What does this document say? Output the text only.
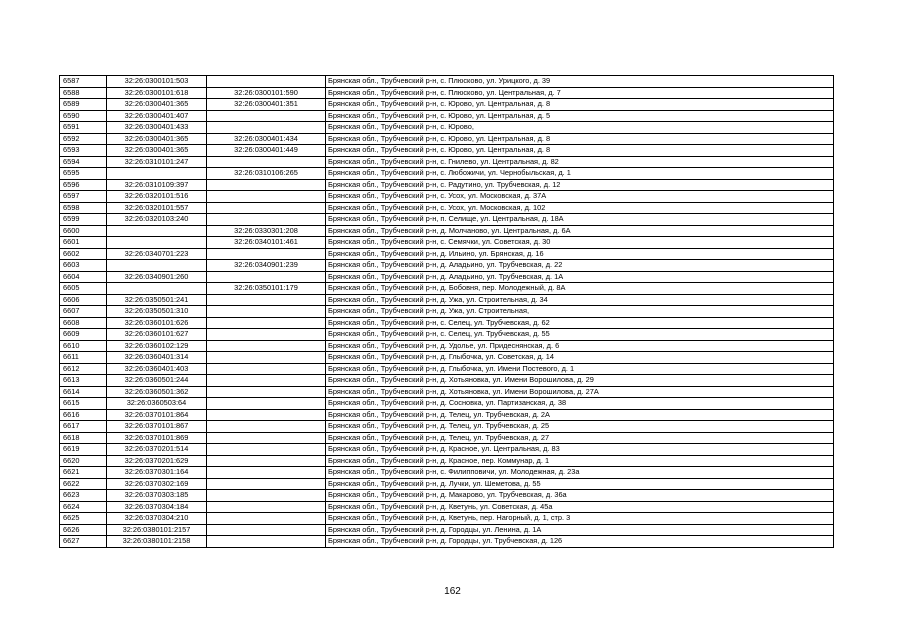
6587	32:26:0300101:503		Брянская обл., Трубчевский р-н, с. Плюсково, ул. Урицкого, д. 39
6588	32:26:0300101:618	32:26:0300101:590	Брянская обл., Трубчевский р-н, с. Плюсково, ул. Центральная, д. 7
6589	32:26:0300401:365	32:26:0300401:351	Брянская обл., Трубчевский р-н, с. Юрово, ул. Центральная, д. 8
6590	32:26:0300401:407		Брянская обл., Трубчевский р-н, с. Юрово, ул. Центральная, д. 5
6591	32:26:0300401:433		Брянская обл., Трубчевский р-н, с. Юрово,
6592	32:26:0300401:365	32:26:0300401:434	Брянская обл., Трубчевский р-н, с. Юрово, ул. Центральная, д. 8
6593	32:26:0300401:365	32:26:0300401:449	Брянская обл., Трубчевский р-н, с. Юрово, ул. Центральная, д. 8
6594	32:26:0310101:247		Брянская обл., Трубчевский р-н, с. Гнилево, ул. Центральная, д. 82
6595		32:26:0310106:265	Брянская обл., Трубчевский р-н, с. Любожичи, ул. Чернобыльская, д. 1
6596	32:26:0310109:397		Брянская обл., Трубчевский р-н, с. Радутино, ул. Трубчевская, д. 12
6597	32:26:0320101:516		Брянская обл., Трубчевский р-н, с. Усох, ул. Московская, д. 37А
6598	32:26:0320101:557		Брянская обл., Трубчевский р-н, с. Усох, ул. Московская, д. 102
6599	32:26:0320103:240		Брянская обл., Трубчевский р-н, п. Селище, ул. Центральная, д. 18А
6600		32:26:0330301:208	Брянская обл., Трубчевский р-н, д. Молчаново, ул. Центральная, д. 6А
6601		32:26:0340101:461	Брянская обл., Трубчевский р-н, с. Семячки, ул. Советская, д. 30
6602	32:26:0340701:223		Брянская обл., Трубчевский р-н, д. Ильино, ул. Брянская, д. 16
6603		32:26:0340901:239	Брянская обл., Трубчевский р-н, д. Аладьино, ул. Трубчевская, д. 22
6604	32:26:0340901:260		Брянская обл., Трубчевский р-н, д. Аладьино, ул. Трубчевская, д. 1А
6605		32:26:0350101:179	Брянская обл., Трубчевский р-н, д. Бобовня, пер. Молодежный, д. 8А
6606	32:26:0350501:241		Брянская обл., Трубчевский р-н, д. Ужа, ул. Строительная, д. 34
6607	32:26:0350501:310		Брянская обл., Трубчевский р-н, д. Ужа, ул. Строительная,
6608	32:26:0360101:626		Брянская обл., Трубчевский р-н, с. Селец, ул. Трубчевская, д. 62
6609	32:26:0360101:627		Брянская обл., Трубчевский р-н, с. Селец, ул. Трубчевская, д. 55
6610	32:26:0360102:129		Брянская обл., Трубчевский р-н, д. Удолье, ул. Придеснянская, д. 6
6611	32:26:0360401:314		Брянская обл., Трубчевский р-н, д. Глыбочка, ул. Советская, д. 14
6612	32:26:0360401:403		Брянская обл., Трубчевский р-н, д. Глыбочка, ул. Имени Постевого, д. 1
6613	32:26:0360501:244		Брянская обл., Трубчевский р-н, д. Хотьяновка, ул. Имени Ворошилова, д. 29
6614	32:26:0360501:362		Брянская обл., Трубчевский р-н, д. Хотьяновка, ул. Имени Ворошилова, д. 27А
6615	32:26:0360503:64		Брянская обл., Трубчевский р-н, д. Сосновка, ул. Партизанская, д. 38
6616	32:26:0370101:864		Брянская обл., Трубчевский р-н, д. Телец, ул. Трубчевская, д. 2А
6617	32:26:0370101:867		Брянская обл., Трубчевский р-н, д. Телец, ул. Трубчевская, д. 25
6618	32:26:0370101:869		Брянская обл., Трубчевский р-н, д. Телец, ул. Трубчевская, д. 27
6619	32:26:0370201:514		Брянская обл., Трубчевский р-н, д. Красное, ул. Центральная, д. 83
6620	32:26:0370201:629		Брянская обл., Трубчевский р-н, д. Красное, пер. Коммунар, д. 1
6621	32:26:0370301:164		Брянская обл., Трубчевский р-н, с. Филипповичи, ул. Молодежная, д. 23а
6622	32:26:0370302:169		Брянская обл., Трубчевский р-н, д. Лучки, ул. Шеметова, д. 55
6623	32:26:0370303:185		Брянская обл., Трубчевский р-н, д. Макарово, ул. Трубчевская, д. 36а
6624	32:26:0370304:184		Брянская обл., Трубчевский р-н, д. Кветунь, ул. Советская, д. 45а
6625	32:26:0370304:210		Брянская обл., Трубчевский р-н, д. Кветунь, пер. Нагорный, д. 1, стр. 3
6626	32:26:0380101:2157		Брянская обл., Трубчевский р-н, д. Городцы, ул. Ленина, д. 1А
6627	32:26:0380101:2158		Брянская обл., Трубчевский р-н, д. Городцы, ул. Трубчевская, д. 126
162
